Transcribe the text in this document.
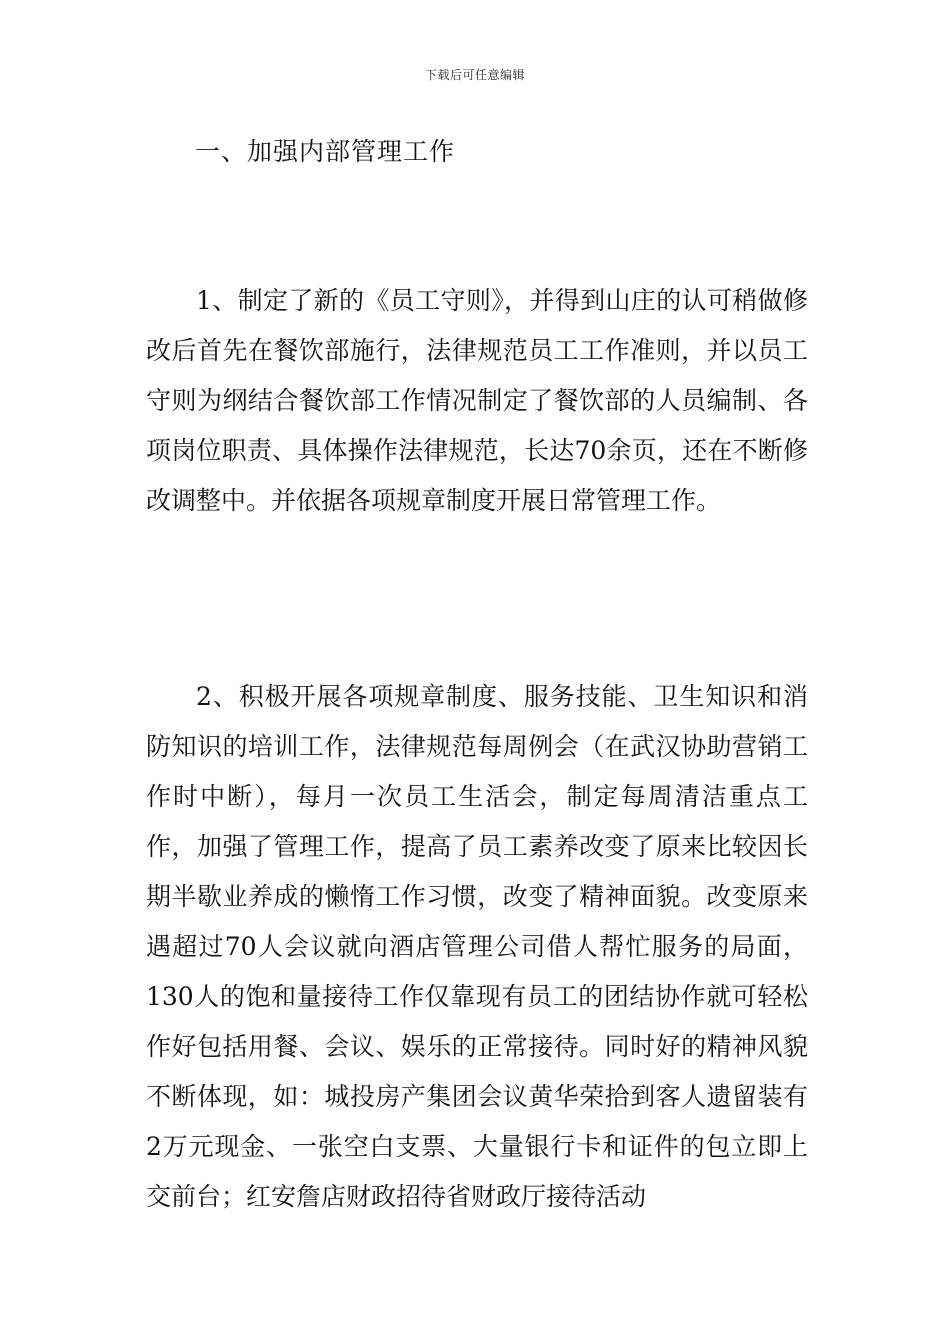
下载后可任意编辑
一、加强内部管理工作

1、制定了新的《员工守则》，并得到山庄的认可稍做修改后首先在餐饮部施行，法律规范员工工作准则，并以员工守则为纲结合餐饮部工作情况制定了餐饮部的人员编制、各项岗位职责、具体操作法律规范，长达70余页，还在不断修改调整中。并依据各项规章制度开展日常管理工作。

2、积极开展各项规章制度、服务技能、卫生知识和消防知识的培训工作，法律规范每周例会（在武汉协助营销工作时中断），每月一次员工生活会，制定每周清洁重点工作，加强了管理工作，提高了员工素养改变了原来比较因长期半歇业养成的懒惰工作习惯，改变了精神面貌。改变原来遇超过70人会议就向酒店管理公司借人帮忙服务的局面，130人的饱和量接待工作仅靠现有员工的团结协作就可轻松作好包括用餐、会议、娱乐的正常接待。同时好的精神风貌不断体现，如：城投房产集团会议黄华荣拾到客人遗留装有2万元现金、一张空白支票、大量银行卡和证件的包立即上交前台；红安詹店财政招待省财政厅接待活动
